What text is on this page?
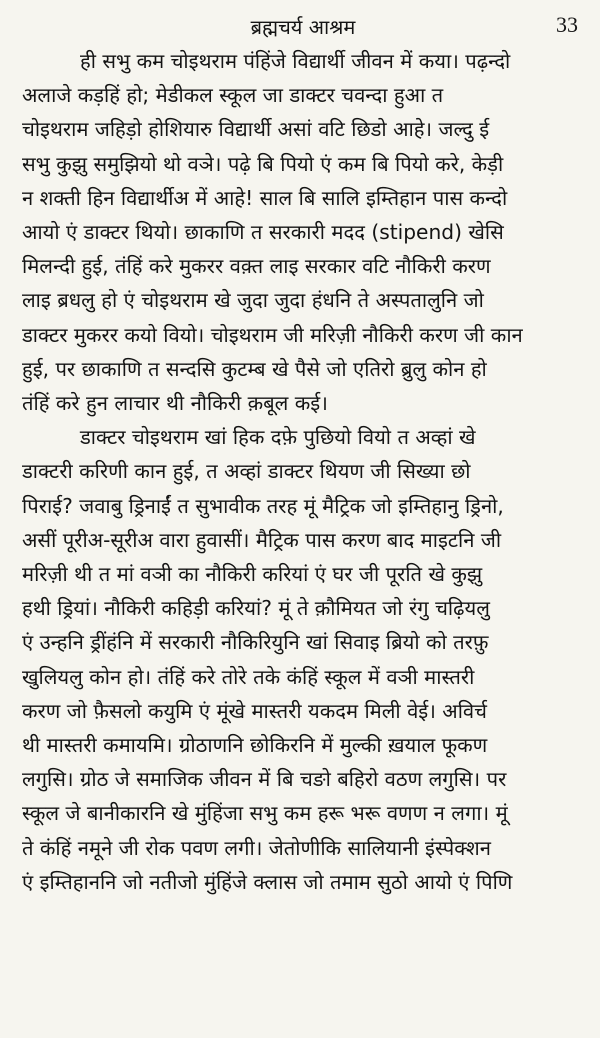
ब्रह्मचर्य आश्रम	33

ही सभु कम चोइथराम पंहिंजे विद्यार्थी जीवन में कया। पढ़न्दो
अलाजे कड़हिं हो; मेडीकल स्कूल जा डाक्टर चवन्दा हुआ त
चोइथराम जहिड़ो होशियारु विद्यार्थी असां वटि छिडो आहे। जल्दु ई
सभु कुझु समुझियो थो वञे। पढ़े बि पियो एं कम बि पियो करे, केड़ी
न शक्ती हिन विद्यार्थीअ में आहे! साल बि सालि इम्तिहान पास कन्दो
आयो एं डाक्टर थियो। छाकाणि त सरकारी मदद (stipend) खेसि
मिलन्दी हुई, तंहिं करे मुकरर वक़्त लाइ सरकार वटि नौकिरी करण
लाइ ब्रधलु हो एं चोइथराम खे जुदा जुदा हंधनि ते अस्पतालुनि जो
डाक्टर मुकरर कयो वियो। चोइथराम जी मरिज़ी नौकिरी करण जी कान
हुई, पर छाकाणि त सन्दसि कुटम्ब खे पैसे जो एतिरो ब्रुलु कोन हो
तंहिं करे हुन लाचार थी नौकिरी क़बूल कई।

डाक्टर चोइथराम खां हिक दफ़े पुछियो वियो त अव्हां खे
डाक्टरी करिणी कान हुई, त अव्हां डाक्टर थियण जी सिख्या छो
पिराई? जवाबु ड्रिनाईं त सुभावीक तरह मूं मैट्रिक जो इम्तिहानु ड्रिनो,
असीं पूरीअ-सूरीअ वारा हुवासीं। मैट्रिक पास करण बाद माइटनि जी
मरिज़ी थी त मां वञी का नौकिरी करियां एं घर जी पूरति खे कुझु
हथी ड्रियां। नौकिरी कहिड़ी करियां? मूं ते क़ौमियत जो रंगु चढ़ियलु
एं उन्हनि ड्रींहंनि में सरकारी नौकिरियुनि खां सिवाइ ब्रियो को तरफ़ु
खुलियलु कोन हो। तंहिं करे तोरे तके कंहिं स्कूल में वञी मास्तरी
करण जो फ़ैसलो कयुमि एं मूंखे मास्तरी यकदम मिली वेई। अविर्च
थी मास्तरी कमायमि। ग्रोठाणनि छोकिरनि में मुल्की ख़याल फूकण
लगुसि। ग्रोठ जे समाजिक जीवन में बि चङो बहिरो वठण लगुसि। पर
स्कूल जे बानीकारनि खे मुंहिंजा सभु कम हरू भरू वणण न लगा। मूं
ते कंहिं नमूने जी रोक पवण लगी। जेतोणीकि सालियानी इंस्पेक्शन
एं इम्तिहाननि जो नतीजो मुंहिंजे क्लास जो तमाम सुठो आयो एं पिणि
